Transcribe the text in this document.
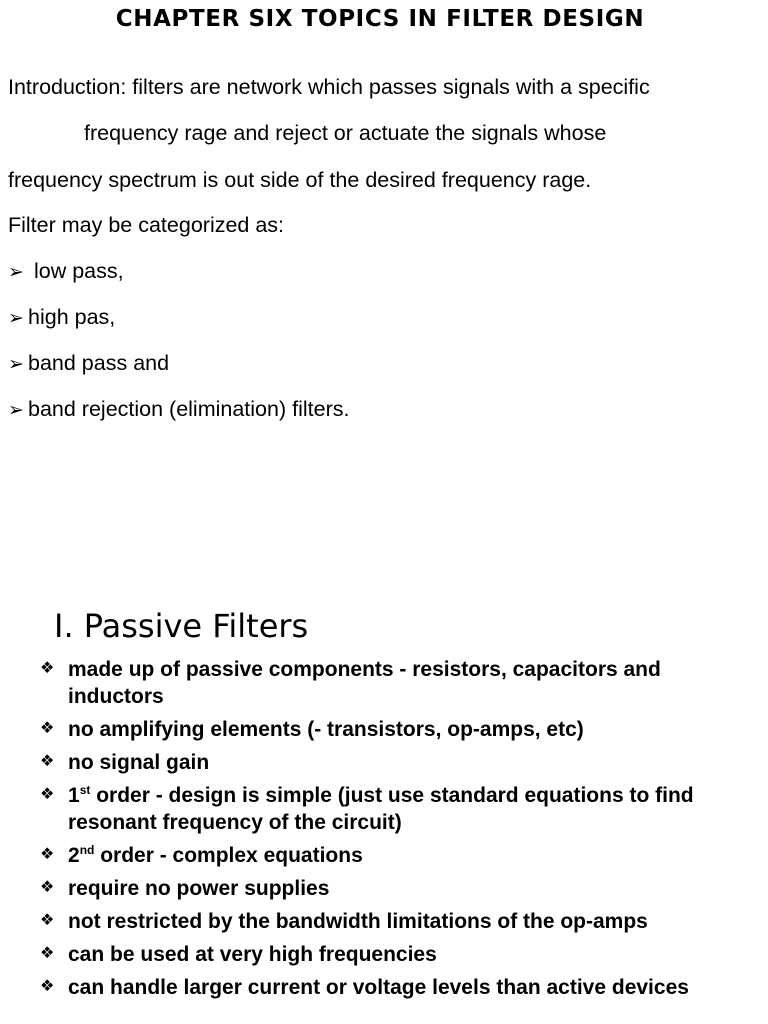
CHAPTER SIX TOPICS IN FILTER DESIGN
Introduction: filters are network which passes signals with a specific
frequency rage and reject or actuate the signals whose
frequency spectrum is out side of the desired frequency rage.
Filter may be categorized as:
➢ low pass,
➢ high pas,
➢ band pass and
➢ band rejection (elimination) filters.
I. Passive Filters
❖ made up of passive components - resistors, capacitors and inductors
❖ no amplifying elements (- transistors, op-amps, etc)
❖ no signal gain
❖ 1st order - design is simple (just use standard equations to find resonant frequency of the circuit)
❖ 2nd order - complex equations
❖ require no power supplies
❖ not restricted by the bandwidth limitations of the op-amps
❖ can be used at very high frequencies
❖ can handle larger current or voltage levels than active devices
